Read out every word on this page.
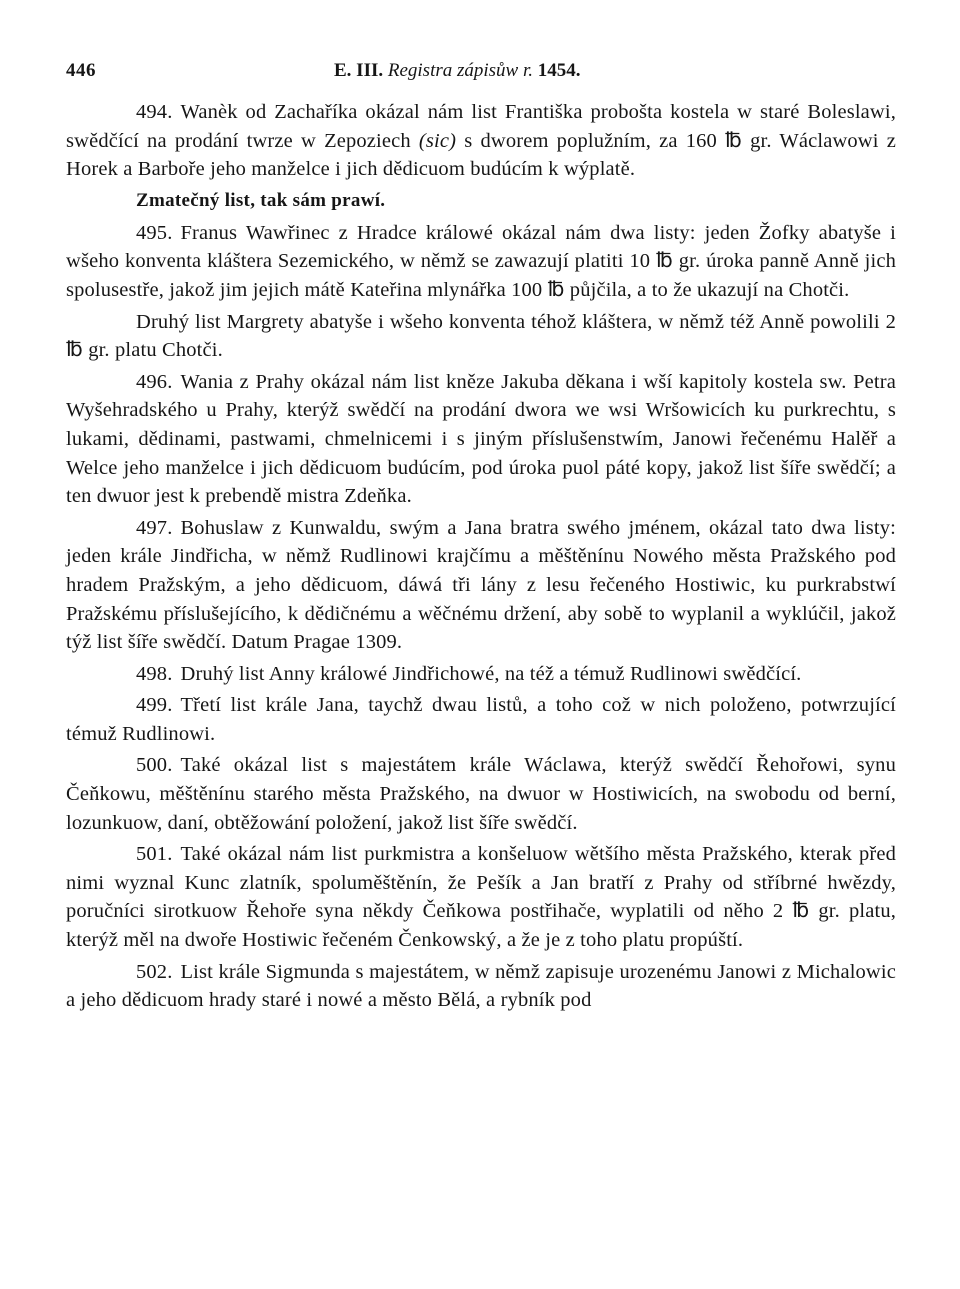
446	E. III. Registra zápisůw r. 1454.

494. Wanèk od Zachaříka okázal nám list Františka probošta kostela w staré Boleslawi, swědčící na prodání twrze w Zepoziech (sic) s dworem poplužním, za 160 ℔ gr. Wáclawowi z Horek a Barboře jeho manželce i jich dědicuom budúcím k wýplatě.

Zmatečný list, tak sám prawí.

495. Franus Wawřinec z Hradce králowé okázal nám dwa listy: jeden Žofky abatyše i wšeho konventa kláštera Sezemického, w němž se zawazují platiti 10 ℔ gr. úroka panně Anně jich spolusestře, jakož jim jejich mátě Kateřina mlynářka 100 ℔ půjčila, a to že ukazují na Chotči.

Druhý list Margrety abatyše i wšeho konventa téhož kláštera, w němž též Anně powolili 2 ℔ gr. platu Chotči.

496. Wania z Prahy okázal nám list kněze Jakuba děkana i wší kapitoly kostela sw. Petra Wyšehradského u Prahy, kterýž swědčí na prodání dwora we wsi Wršowicích ku purkrechtu, s lukami, dědinami, pastwami, chmelnicemi i s jiným příslušenstwím, Janowi řečenému Halěř a Welce jeho manželce i jich dědicuom budúcím, pod úroka puol páté kopy, jakož list šíře swědčí; a ten dwuor jest k prebendě mistra Zdeňka.

497. Bohuslaw z Kunwaldu, swým a Jana bratra swého jménem, okázal tato dwa listy: jeden krále Jindřicha, w němž Rudlinowi krajčímu a měštěnínu Nowého města Pražského pod hradem Pražským, a jeho dědicuom, dáwá tři lány z lesu řečeného Hostiwic, ku purkrabstwí Pražskému příslušejícího, k dědičnému a wěčnému držení, aby sobě to wyplanil a wyklúčil, jakož týž list šíře swědčí. Datum Pragae 1309.

498. Druhý list Anny králowé Jindřichowé, na též a témuž Rudlinowi swědčící.

499. Třetí list krále Jana, taychž dwau listů, a toho což w nich položeno, potwrzující témuž Rudlinowi.

500. Také okázal list s majestátem krále Wáclawa, kterýž swědčí Řehořowi, synu Čeňkowu, měštěnínu starého města Pražského, na dwuor w Hostiwicích, na swobodu od berní, lozunkuow, daní, obtěžowání položení, jakož list šíře swědčí.

501. Také okázal nám list purkmistra a konšeluow wětšího města Pražského, kterak před nimi wyznal Kunc zlatník, spoluměštěnín, že Pešík a Jan bratří z Prahy od stříbrné hwězdy, poručníci sirotkuow Řehoře syna někdy Čeňkowa postřihače, wyplatili od něho 2 ℔ gr. platu, kterýž měl na dwoře Hostiwic řečeném Čenkowský, a že je z toho platu propúští.

502. List krále Sigmunda s majestátem, w němž zapisuje urozenému Janowi z Michalowic a jeho dědicuom hrady staré i nowé a město Bělá, a rybník pod
